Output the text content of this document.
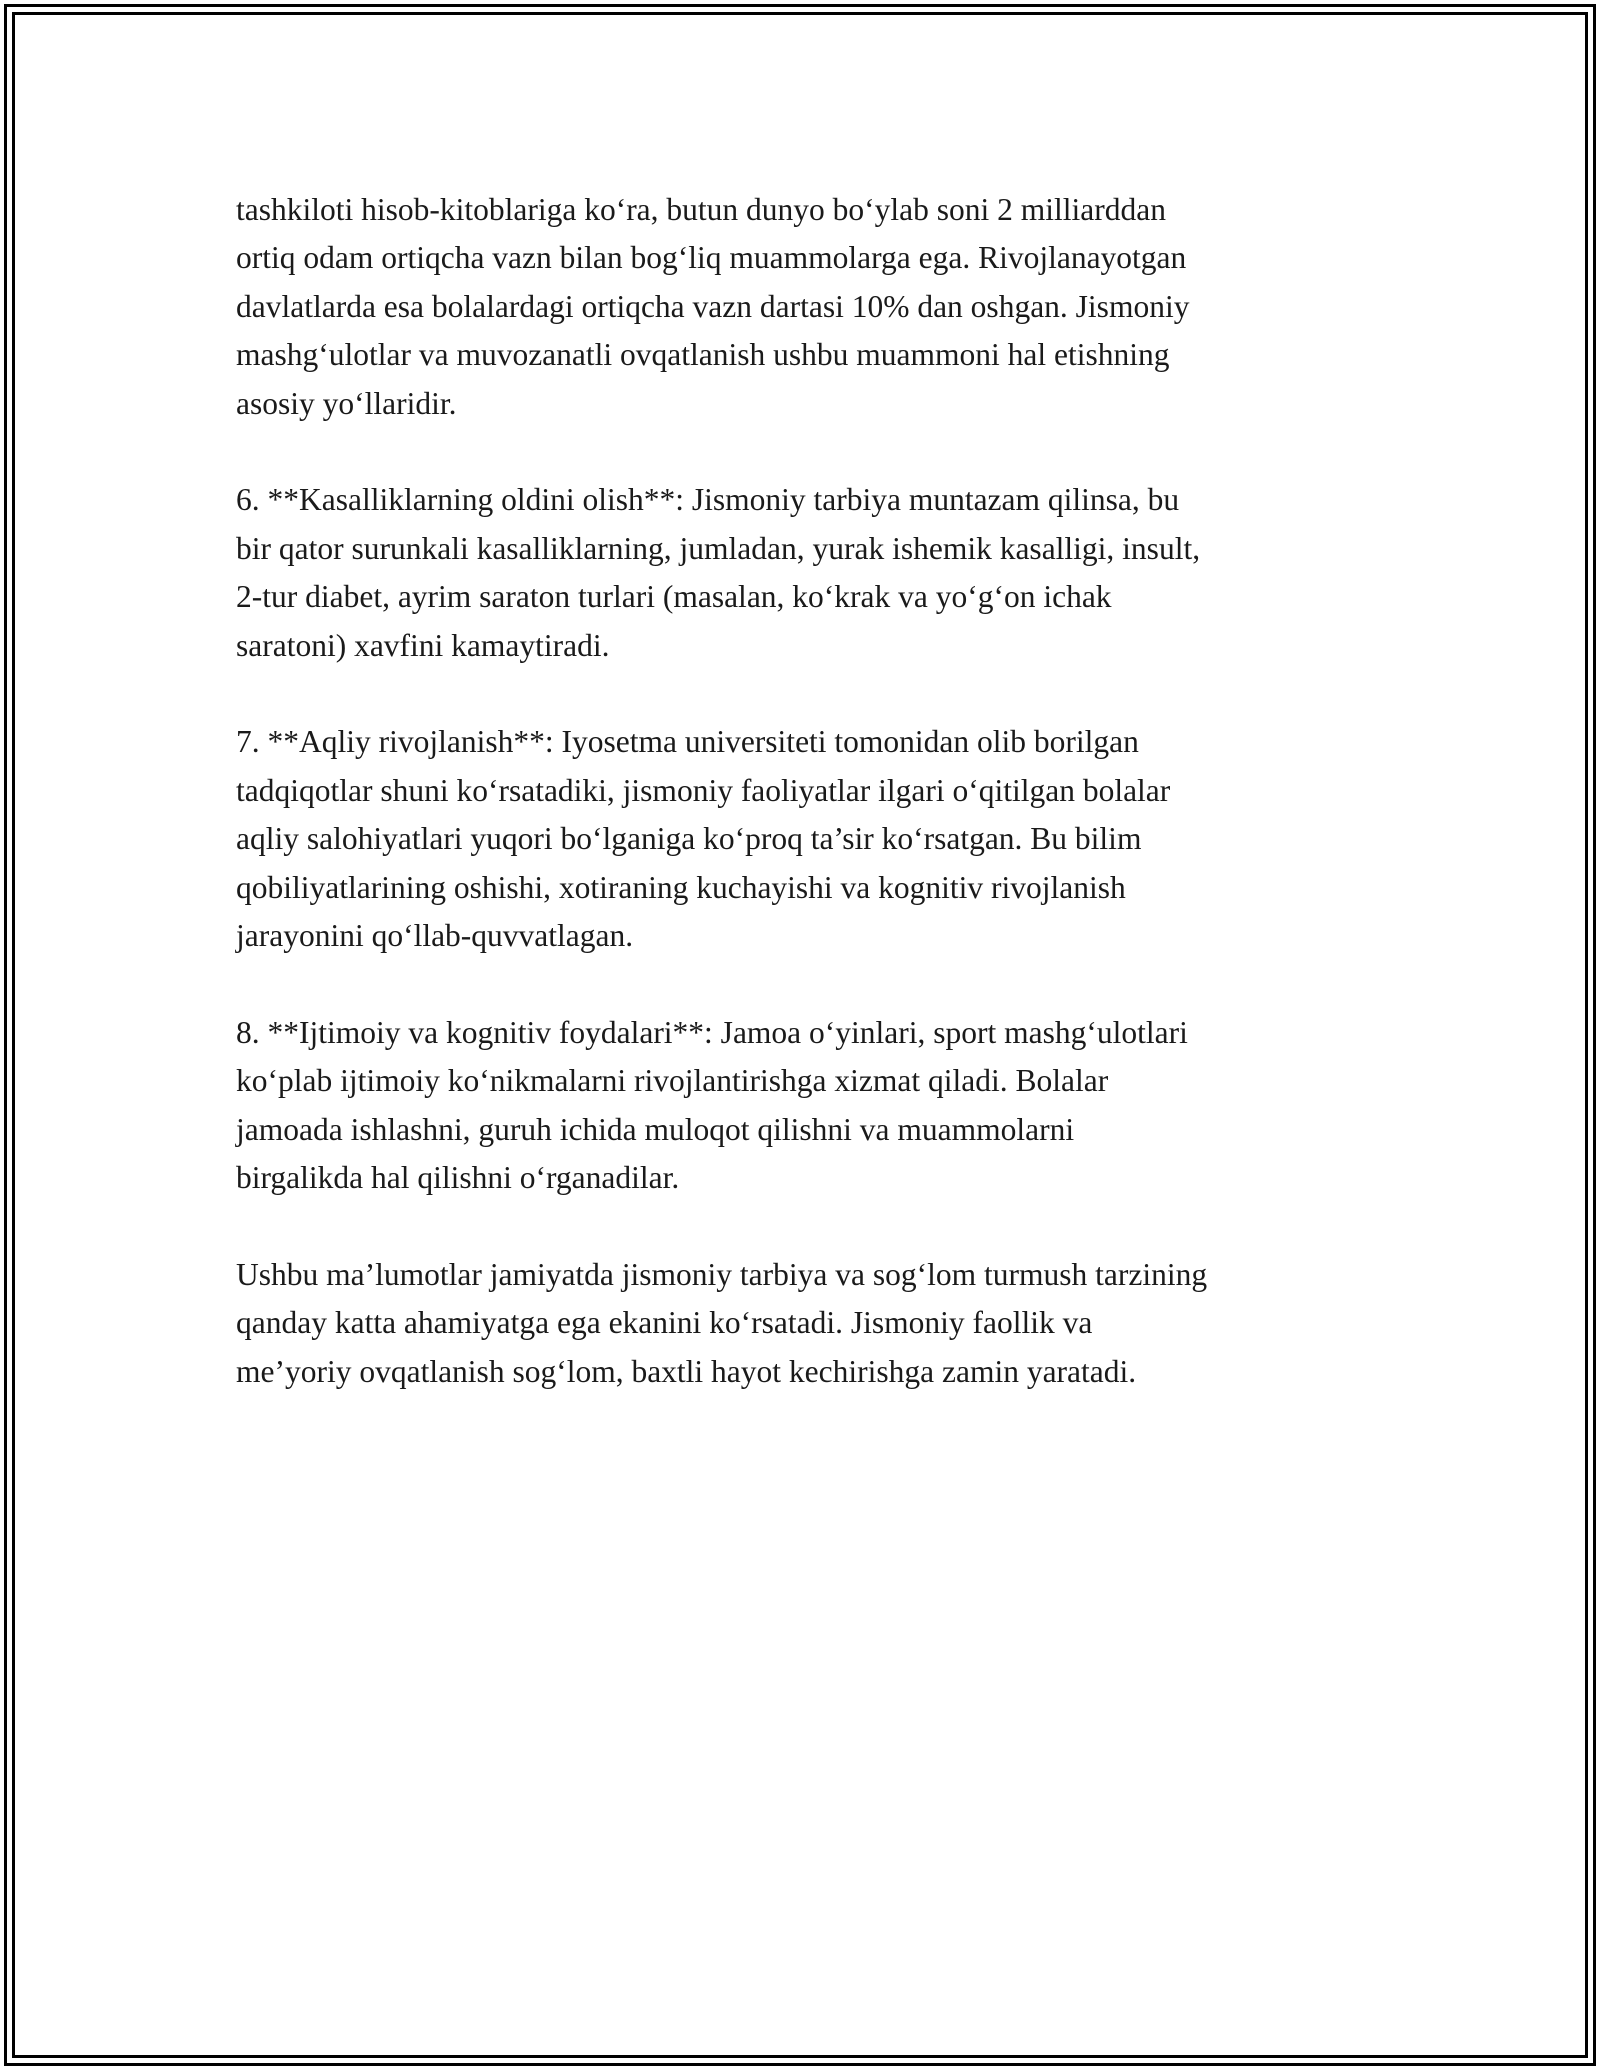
tashkiloti hisob-kitoblariga ko‘ra, butun dunyo bo‘ylab soni 2 milliarddan
ortiq odam ortiqcha vazn bilan bog‘liq muammolarga ega. Rivojlanayotgan
davlatlarda esa bolalardagi ortiqcha vazn dartasi 10% dan oshgan. Jismoniy
mashg‘ulotlar va muvozanatli ovqatlanish ushbu muammoni hal etishning
asosiy yo‘llaridir.

6. **Kasalliklarning oldini olish**: Jismoniy tarbiya muntazam qilinsa, bu
bir qator surunkali kasalliklarning, jumladan, yurak ishemik kasalligi, insult,
2-tur diabet, ayrim saraton turlari (masalan, ko‘krak va yo‘g‘on ichak
saratoni) xavfini kamaytiradi.

7. **Aqliy rivojlanish**: Iyosetma universiteti tomonidan olib borilgan
tadqiqotlar shuni ko‘rsatadiki, jismoniy faoliyatlar ilgari o‘qitilgan bolalar
aqliy salohiyatlari yuqori bo‘lganiga ko‘proq ta’sir ko‘rsatgan. Bu bilim
qobiliyatlarining oshishi, xotiraning kuchayishi va kognitiv rivojlanish
jarayonini qo‘llab-quvvatlagan.

8. **Ijtimoiy va kognitiv foydalari**: Jamoa o‘yinlari, sport mashg‘ulotlari
ko‘plab ijtimoiy ko‘nikmalarni rivojlantirishga xizmat qiladi. Bolalar
jamoada ishlashni, guruh ichida muloqot qilishni va muammolarni
birgalikda hal qilishni o‘rganadilar.

Ushbu ma’lumotlar jamiyatda jismoniy tarbiya va sog‘lom turmush tarzining
qanday katta ahamiyatga ega ekanini ko‘rsatadi. Jismoniy faollik va
me’yoriy ovqatlanish sog‘lom, baxtli hayot kechirishga zamin yaratadi.
